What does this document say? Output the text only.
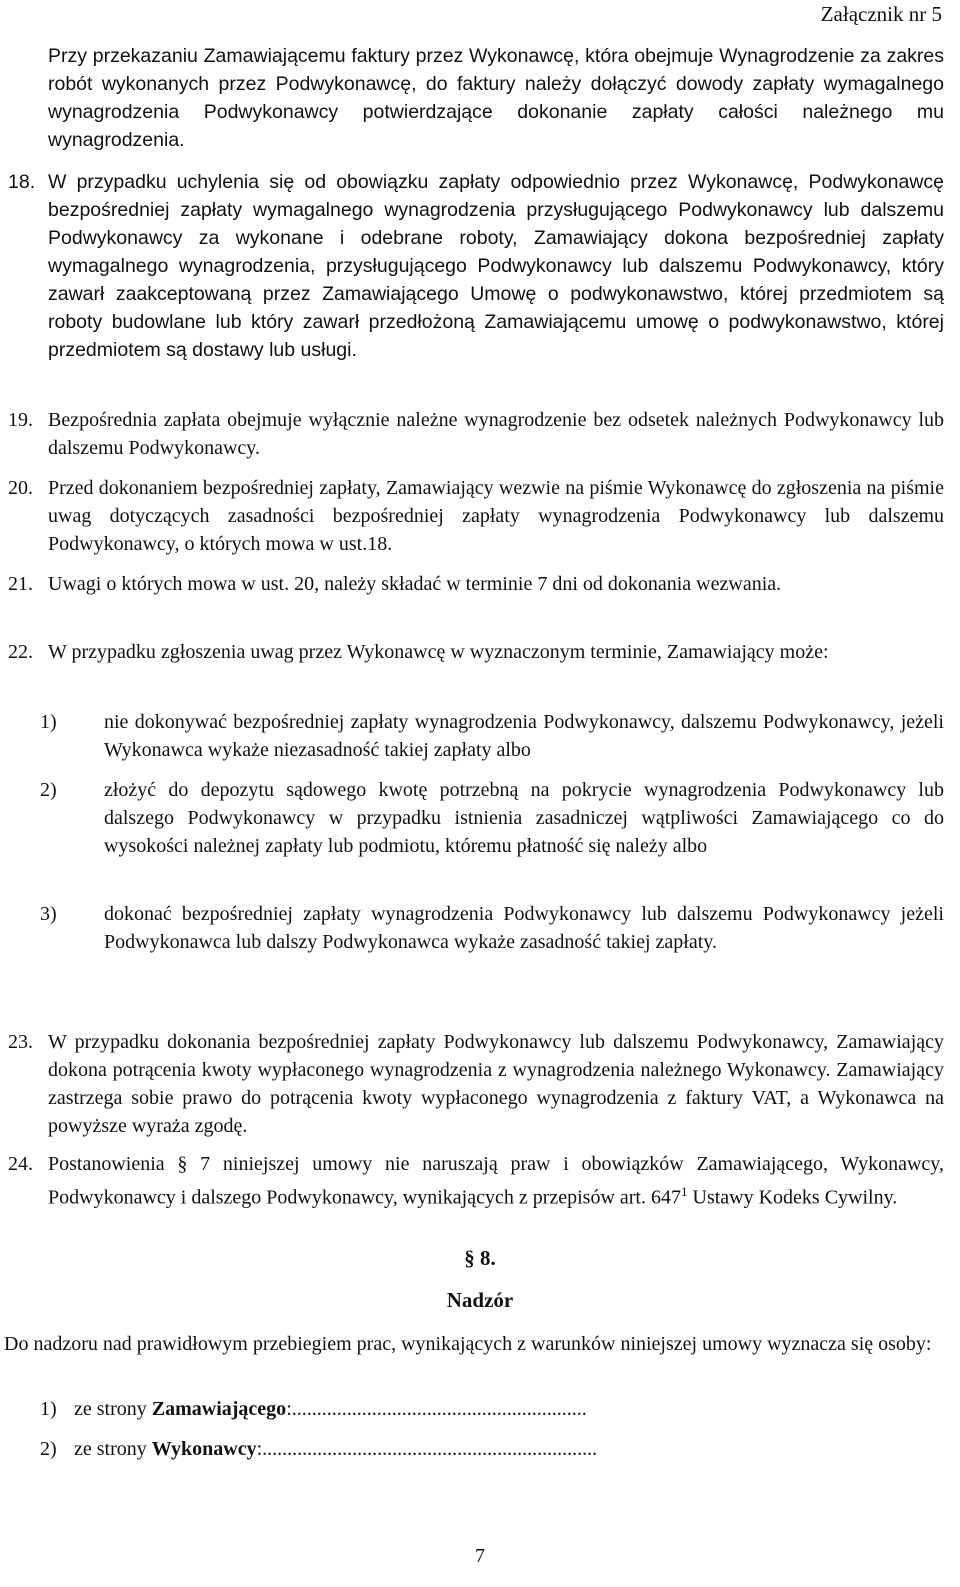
Załącznik nr 5

Przy przekazaniu Zamawiającemu faktury przez Wykonawcę, która obejmuje Wynagrodzenie za zakres robót wykonanych przez Podwykonawcę, do faktury należy dołączyć dowody zapłaty wymagalnego wynagrodzenia Podwykonawcy potwierdzające dokonanie zapłaty całości należnego mu wynagrodzenia.

18. W przypadku uchylenia się od obowiązku zapłaty odpowiednio przez Wykonawcę, Podwykonawcę bezpośredniej zapłaty wymagalnego wynagrodzenia przysługującego Podwykonawcy lub dalszemu Podwykonawcy za wykonane i odebrane roboty, Zamawiający dokona bezpośredniej zapłaty wymagalnego wynagrodzenia, przysługującego Podwykonawcy lub dalszemu Podwykonawcy, który zawarł zaakceptowaną przez Zamawiającego Umowę o podwykonawstwo, której przedmiotem są roboty budowlane lub który zawarł przedłożoną Zamawiającemu umowę o podwykonawstwo, której przedmiotem są dostawy lub usługi.

19. Bezpośrednia zapłata obejmuje wyłącznie należne wynagrodzenie bez odsetek należnych Podwykonawcy lub dalszemu Podwykonawcy.

20. Przed dokonaniem bezpośredniej zapłaty, Zamawiający wezwie na piśmie Wykonawcę do zgłoszenia na piśmie uwag dotyczących zasadności bezpośredniej zapłaty wynagrodzenia Podwykonawcy lub dalszemu Podwykonawcy, o których mowa w ust.18.

21. Uwagi o których mowa w ust. 20, należy składać w terminie 7 dni od dokonania wezwania.

22. W przypadku zgłoszenia uwag przez Wykonawcę w wyznaczonym terminie, Zamawiający może:

1) nie dokonywać bezpośredniej zapłaty wynagrodzenia Podwykonawcy, dalszemu Podwykonawcy, jeżeli Wykonawca wykaże niezasadność takiej zapłaty albo

2) złożyć do depozytu sądowego kwotę potrzebną na pokrycie wynagrodzenia Podwykonawcy lub dalszego Podwykonawcy w przypadku istnienia zasadniczej wątpliwości Zamawiającego co do wysokości należnej zapłaty lub podmiotu, któremu płatność się należy albo

3) dokonać bezpośredniej zapłaty wynagrodzenia Podwykonawcy lub dalszemu Podwykonawcy jeżeli Podwykonawca lub dalszy Podwykonawca wykaże zasadność takiej zapłaty.

23. W przypadku dokonania bezpośredniej zapłaty Podwykonawcy lub dalszemu Podwykonawcy, Zamawiający dokona potrącenia kwoty wypłaconego wynagrodzenia z wynagrodzenia należnego Wykonawcy. Zamawiający zastrzega sobie prawo do potrącenia kwoty wypłaconego wynagrodzenia z faktury VAT, a Wykonawca na powyższe wyraża zgodę.

24. Postanowienia § 7 niniejszej umowy nie naruszają praw i obowiązków Zamawiającego, Wykonawcy, Podwykonawcy i dalszego Podwykonawcy, wynikających z przepisów art. $647^1$ Ustawy Kodeks Cywilny.

§ 8.
Nadzór

Do nadzoru nad prawidłowym przebiegiem prac, wynikających z warunków niniejszej umowy wyznacza się osoby:

1) ze strony Zamawiającego:...........................................................

2) ze strony Wykonawcy:...................................................................

7
